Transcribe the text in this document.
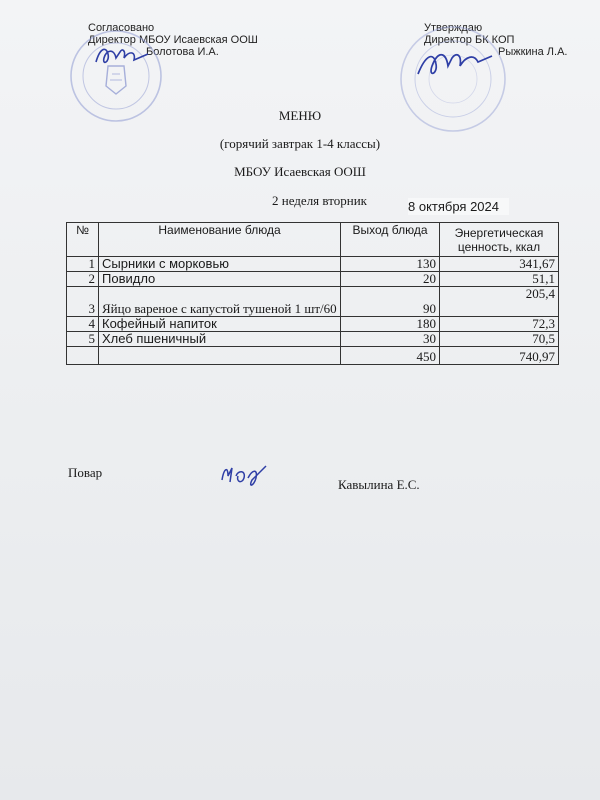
Согласовано
Директор МБОУ Исаевская ООШ
Болотова И.А.
Утверждаю
Директор БК КОП
Рыжкина Л.А.
МЕНЮ
(горячий завтрак 1-4 классы)
МБОУ Исаевская ООШ
2 неделя вторник	8 октября 2024
№	Наименование блюда	Выход блюда	Энергетическая ценность, ккал
1	Сырники с морковью	130	341,67
2	Повидло	20	51,1
3	Яйцо вареное с капустой тушеной 1 шт/60	90	205,4
4	Кофейный напиток	180	72,3
5	Хлеб пшеничный	30	70,5
		450	740,97
Повар
Кавылина Е.С.
